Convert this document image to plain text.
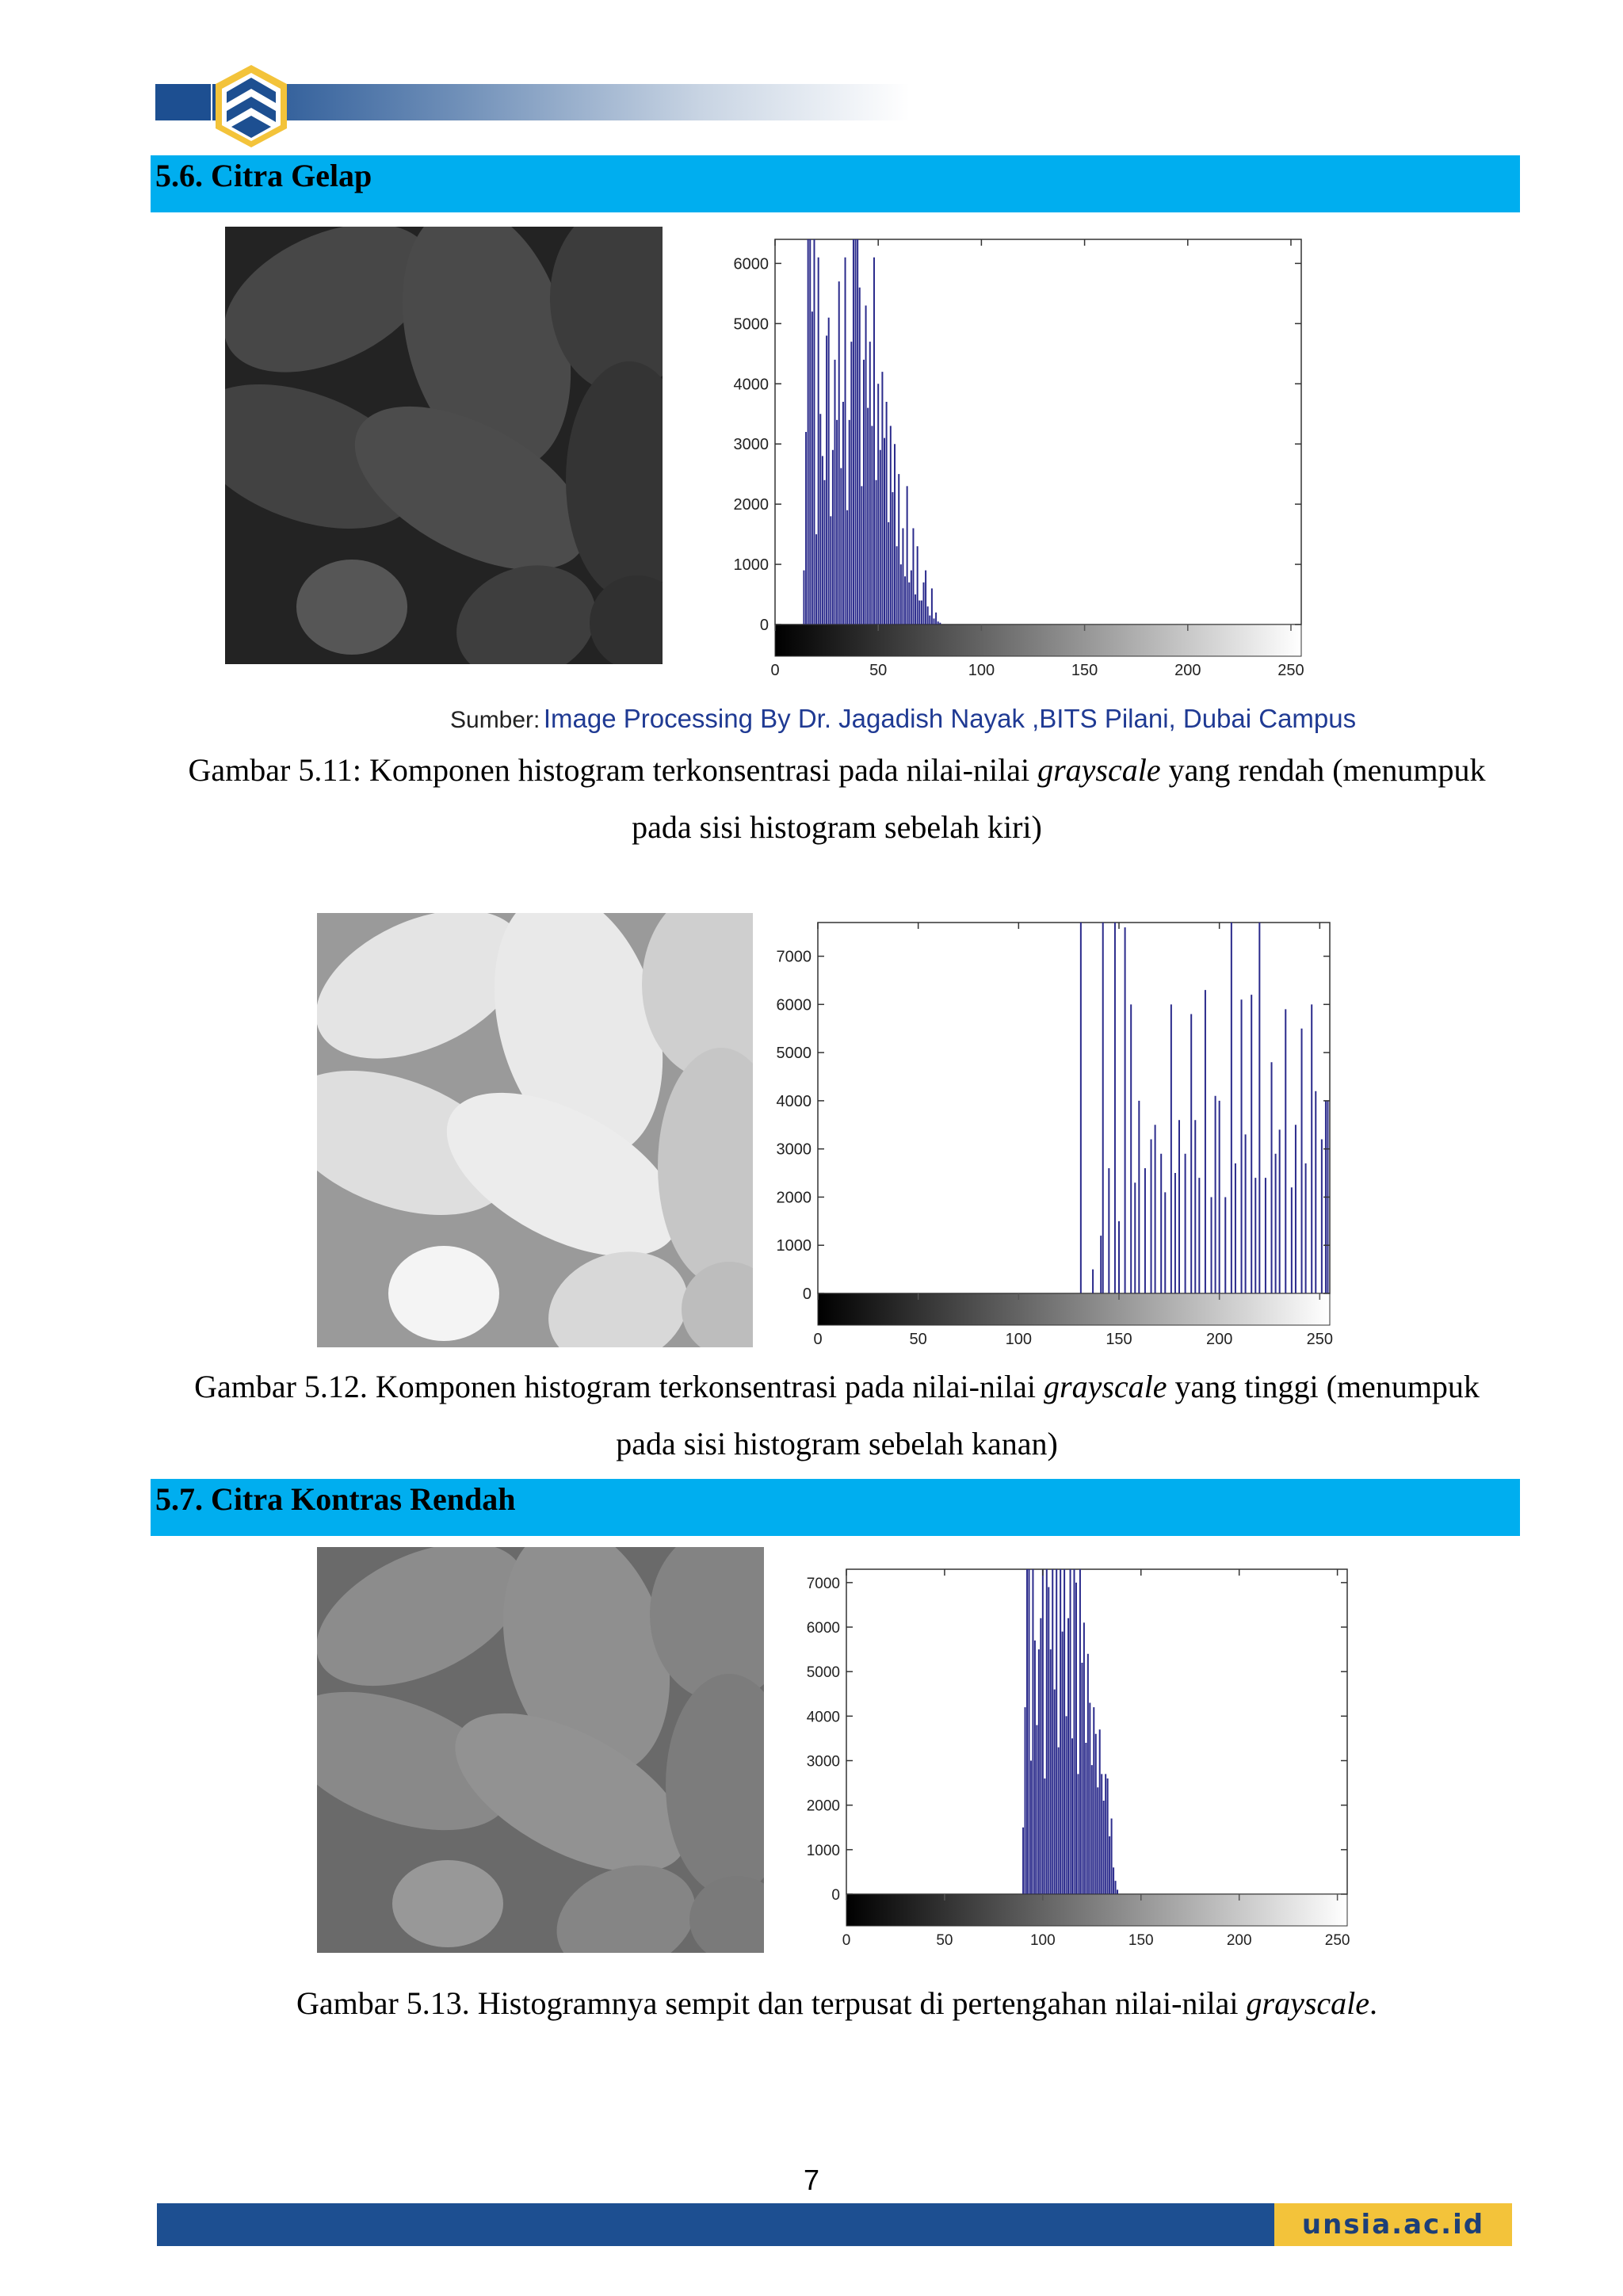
5.6. Citra Gelap
0
1000
2000
3000
4000
5000
6000
0	50	100	150	200	250
Sumber: Image Processing By Dr. Jagadish Nayak ,BITS Pilani, Dubai Campus
Gambar 5.11: Komponen histogram terkonsentrasi pada nilai-nilai grayscale yang rendah (menumpuk
pada sisi histogram sebelah kiri)
0
1000
2000
3000
4000
5000
6000
7000
0	50	100	150	200	250
Gambar 5.12. Komponen histogram terkonsentrasi pada nilai-nilai grayscale yang tinggi (menumpuk
pada sisi histogram sebelah kanan)
5.7. Citra Kontras Rendah
0
1000
2000
3000
4000
5000
6000
7000
0	50	100	150	200	250
Gambar 5.13. Histogramnya sempit dan terpusat di pertengahan nilai-nilai grayscale.
7
unsia.ac.id
